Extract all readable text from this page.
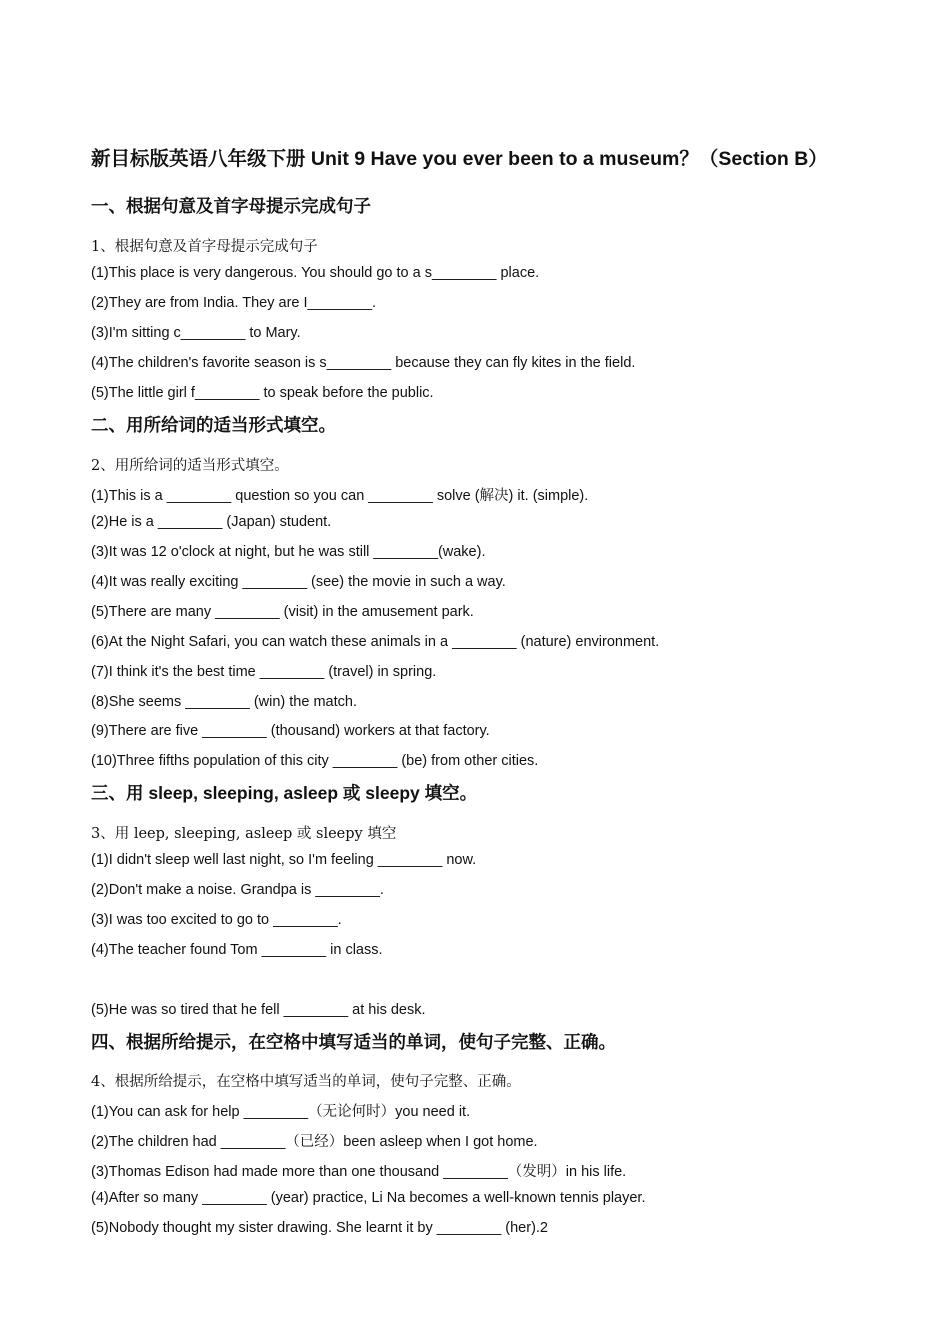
新目标版英语八年级下册 Unit 9 Have you ever been to a museum？（Section B）
一、根据句意及首字母提示完成句子
1、根据句意及首字母提示完成句子
(1)This place is very dangerous. You should go to a s________ place.
(2)They are from India. They are I________.
(3)I'm sitting c________ to Mary.
(4)The children's favorite season is s________ because they can fly kites in the field.
(5)The little girl f________ to speak before the public.
二、用所给词的适当形式填空。
2、用所给词的适当形式填空。
(1)This is a ________ question so you can ________ solve (解决) it. (simple).
(2)He is a ________ (Japan) student.
(3)It was 12 o'clock at night, but he was still ________(wake).
(4)It was really exciting ________ (see) the movie in such a way.
(5)There are many ________ (visit) in the amusement park.
(6)At the Night Safari, you can watch these animals in a ________ (nature) environment.
(7)I think it's the best time ________ (travel) in spring.
(8)She seems ________ (win) the match.
(9)There are five ________ (thousand) workers at that factory.
(10)Three fifths population of this city ________ (be) from other cities.
三、用 sleep, sleeping, asleep 或 sleepy 填空。
3、用 leep, sleeping, asleep 或 sleepy 填空
(1)I didn't sleep well last night, so I'm feeling ________ now.
(2)Don't make a noise. Grandpa is ________.
(3)I was too excited to go to ________.
(4)The teacher found Tom ________ in class.
(5)He was so tired that he fell ________ at his desk.
四、根据所给提示，在空格中填写适当的单词，使句子完整、正确。
4、根据所给提示，在空格中填写适当的单词，使句子完整、正确。
(1)You can ask for help ________（无论何时）you need it.
(2)The children had ________（已经）been asleep when I got home.
(3)Thomas Edison had made more than one thousand ________（发明）in his life.
(4)After so many ________ (year) practice, Li Na becomes a well-known tennis player.
(5)Nobody thought my sister drawing. She learnt it by ________ (her).2
